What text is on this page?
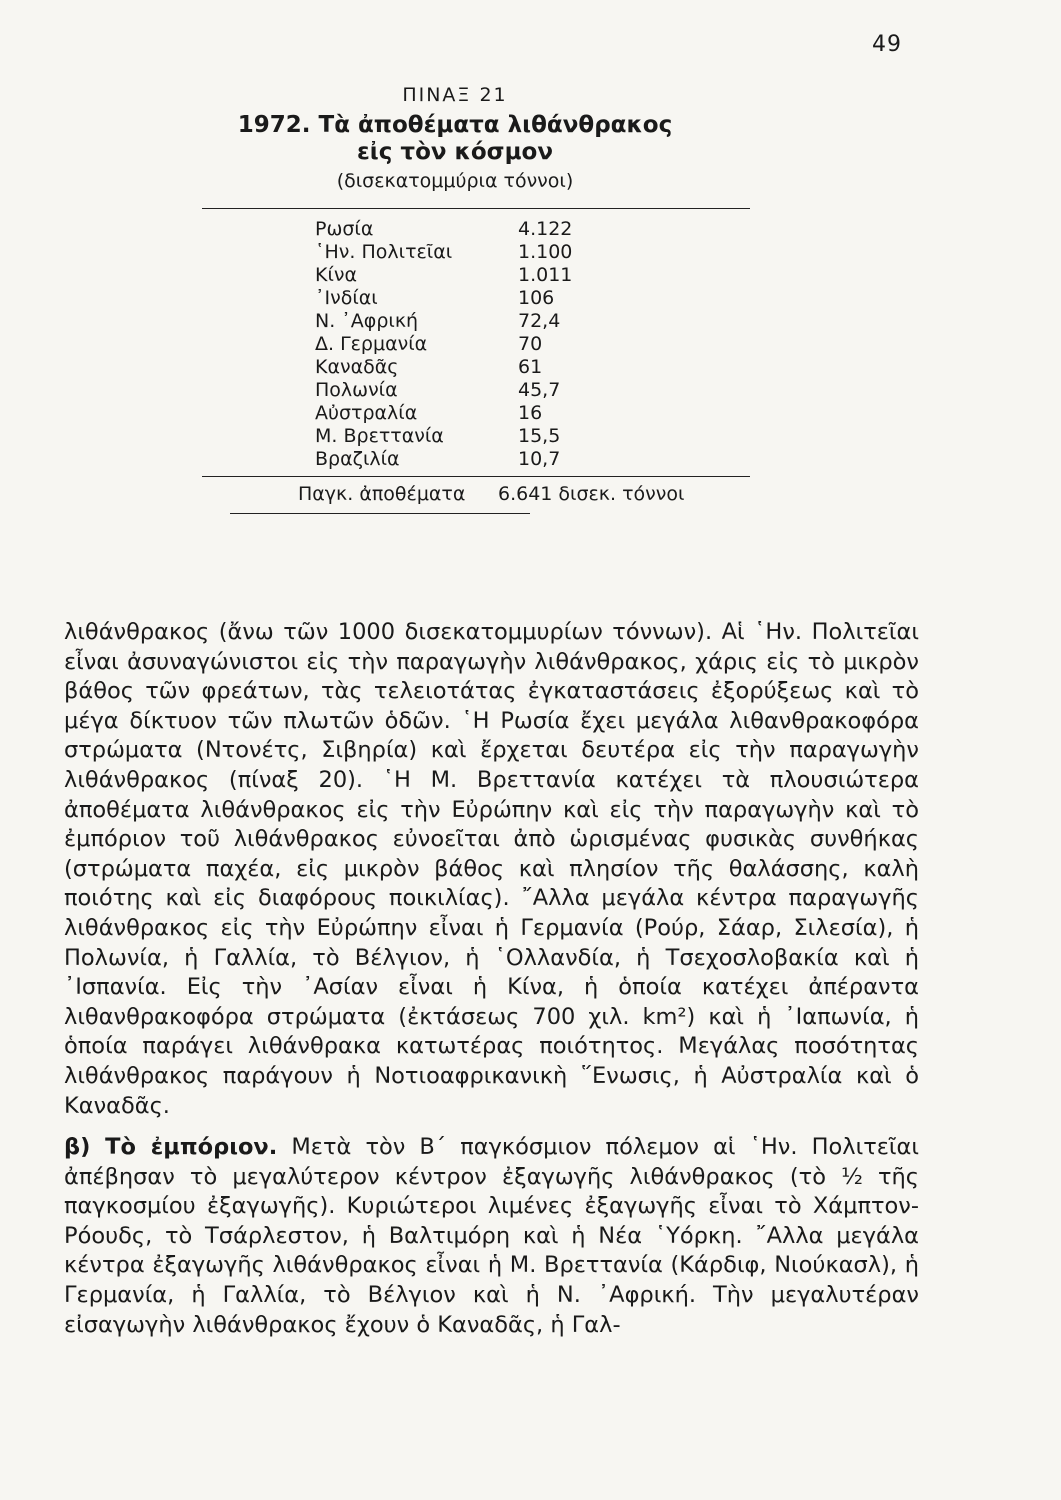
49
ΠΙΝΑΞ 21
1972. Τὰ ἀποθέματα λιθάνθρακος
εἰς τὸν κόσμον
(δισεκατομμύρια τόννοι)
Ρωσία	4.122
῾Ην. Πολιτεῖαι	1.100
Κίνα	1.011
᾿Ινδίαι	106
Ν. ᾿Αφρική	72,4
Δ. Γερμανία	70
Καναδᾶς	61
Πολωνία	45,7
Αὐστραλία	16
Μ. Βρεττανία	15,5
Βραζιλία	10,7
Παγκ. ἀποθέματα	6.641 δισεκ. τόννοι

λιθάνθρακος (ἄνω τῶν 1000 δισεκατομμυρίων τόννων). Αἱ ῾Ην. Πολιτεῖαι εἶναι ἀσυναγώνιστοι εἰς τὴν παραγωγὴν λιθάνθρακος, χάρις εἰς τὸ μικρὸν βάθος τῶν φρεάτων, τὰς τελειοτάτας ἐγκαταστάσεις ἐξορύξεως καὶ τὸ μέγα δίκτυον τῶν πλωτῶν ὁδῶν. ῾Η Ρωσία ἔχει μεγάλα λιθανθρακοφόρα στρώματα (Ντονέτς, Σιβηρία) καὶ ἔρχεται δευτέρα εἰς τὴν παραγωγὴν λιθάνθρακος (πίναξ 20). ῾Η Μ. Βρεττανία κατέχει τὰ πλουσιώτερα ἀποθέματα λιθάνθρακος εἰς τὴν Εὐρώπην καὶ εἰς τὴν παραγωγὴν καὶ τὸ ἐμπόριον τοῦ λιθάνθρακος εὐνοεῖται ἀπὸ ὡρισμένας φυσικὰς συνθήκας (στρώματα παχέα, εἰς μικρὸν βάθος καὶ πλησίον τῆς θαλάσσης, καλὴ ποιότης καὶ εἰς διαφόρους ποικιλίας). ῎Αλλα μεγάλα κέντρα παραγωγῆς λιθάνθρακος εἰς τὴν Εὐρώπην εἶναι ἡ Γερμανία (Ρούρ, Σάαρ, Σιλεσία), ἡ Πολωνία, ἡ Γαλλία, τὸ Βέλγιον, ἡ ῾Ολλανδία, ἡ Τσεχοσλοβακία καὶ ἡ ᾿Ισπανία. Εἰς τὴν ᾿Ασίαν εἶναι ἡ Κίνα, ἡ ὁποία κατέχει ἀπέραντα λιθανθρακοφόρα στρώματα (ἐκτάσεως 700 χιλ. km²) καὶ ἡ ᾿Ιαπωνία, ἡ ὁποία παράγει λιθάνθρακα κατωτέρας ποιότητος. Μεγάλας ποσότητας λιθάνθρακος παράγουν ἡ Νοτιοαφρικανικὴ ῞Ενωσις, ἡ Αὐστραλία καὶ ὁ Καναδᾶς.

β) Τὸ ἐμπόριον. Μετὰ τὸν Β΄ παγκόσμιον πόλεμον αἱ ῾Ην. Πολιτεῖαι ἀπέβησαν τὸ μεγαλύτερον κέντρον ἐξαγωγῆς λιθάνθρακος (τὸ ½ τῆς παγκοσμίου ἐξαγωγῆς). Κυριώτεροι λιμένες ἐξαγωγῆς εἶναι τὸ Χάμπτον-Ρόουδς, τὸ Τσάρλεστον, ἡ Βαλτιμόρη καὶ ἡ Νέα ῾Υόρκη. ῎Αλλα μεγάλα κέντρα ἐξαγωγῆς λιθάνθρακος εἶναι ἡ Μ. Βρεττανία (Κάρδιφ, Νιούκασλ), ἡ Γερμανία, ἡ Γαλλία, τὸ Βέλγιον καὶ ἡ Ν. ᾿Αφρική. Τὴν μεγαλυτέραν εἰσαγωγὴν λιθάνθρακος ἔχουν ὁ Καναδᾶς, ἡ Γαλ-
